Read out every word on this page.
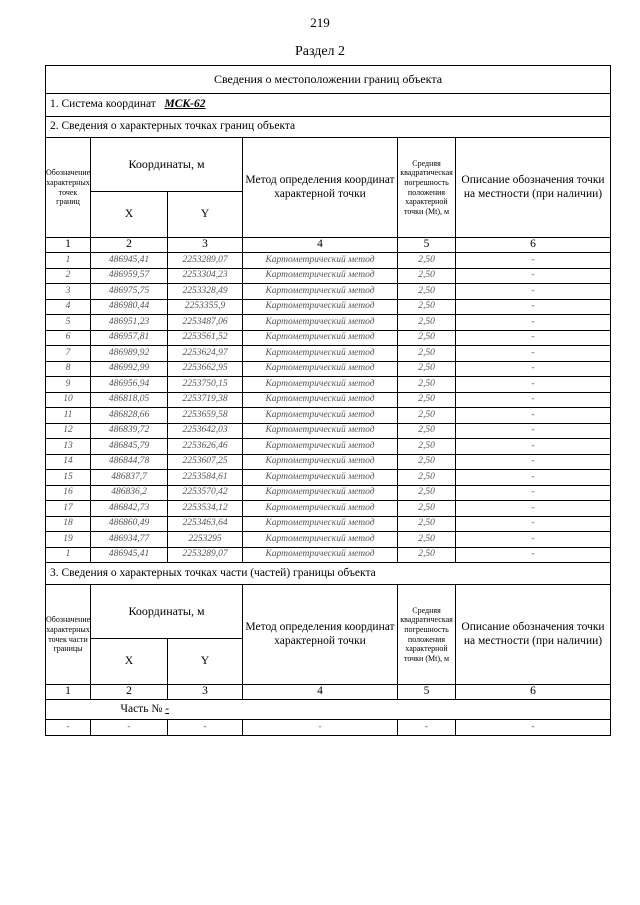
219
Раздел 2
Сведения о местоположении границ объекта					
1. Система координат МСК-62					
2. Сведения о характерных точках границ объекта					
Обозначение характерных точек границ	Координаты, м		Метод определения координат характерной точки	Средняя квадратическая погрешность положения характерной точки (Мt), м	Описание обозначения точки на местности (при наличии)
	X	Y			
1	2	3	4	5	6
1	486945,41	2253289,07	Картометрический метод	2,50	-
2	486959,57	2253304,23	Картометрический метод	2,50	-
3	486975,75	2253328,49	Картометрический метод	2,50	-
4	486980,44	2253355,9	Картометрический метод	2,50	-
5	486951,23	2253487,06	Картометрический метод	2,50	-
6	486957,81	2253561,52	Картометрический метод	2,50	-
7	486989,92	2253624,97	Картометрический метод	2,50	-
8	486992,99	2253662,95	Картометрический метод	2,50	-
9	486956,94	2253750,15	Картометрический метод	2,50	-
10	486818,05	2253719,38	Картометрический метод	2,50	-
11	486828,66	2253659,58	Картометрический метод	2,50	-
12	486839,72	2253642,03	Картометрический метод	2,50	-
13	486845,79	2253626,46	Картометрический метод	2,50	-
14	486844,78	2253607,25	Картометрический метод	2,50	-
15	486837,7	2253584,61	Картометрический метод	2,50	-
16	486836,2	2253570,42	Картометрический метод	2,50	-
17	486842,73	2253534,12	Картометрический метод	2,50	-
18	486860,49	2253463,64	Картометрический метод	2,50	-
19	486934,77	2253295	Картометрический метод	2,50	-
1	486945,41	2253289,07	Картометрический метод	2,50	-
3. Сведения о характерных точках части (частей) границы объекта					
Обозначение характерных точек части границы	Координаты, м		Метод определения координат характерной точки	Средняя квадратическая погрешность положения характерной точки (Мt), м	Описание обозначения точки на местности (при наличии)
	X	Y			
1	2	3	4	5	6
	Часть № -				
-	-	-	-	-	-
